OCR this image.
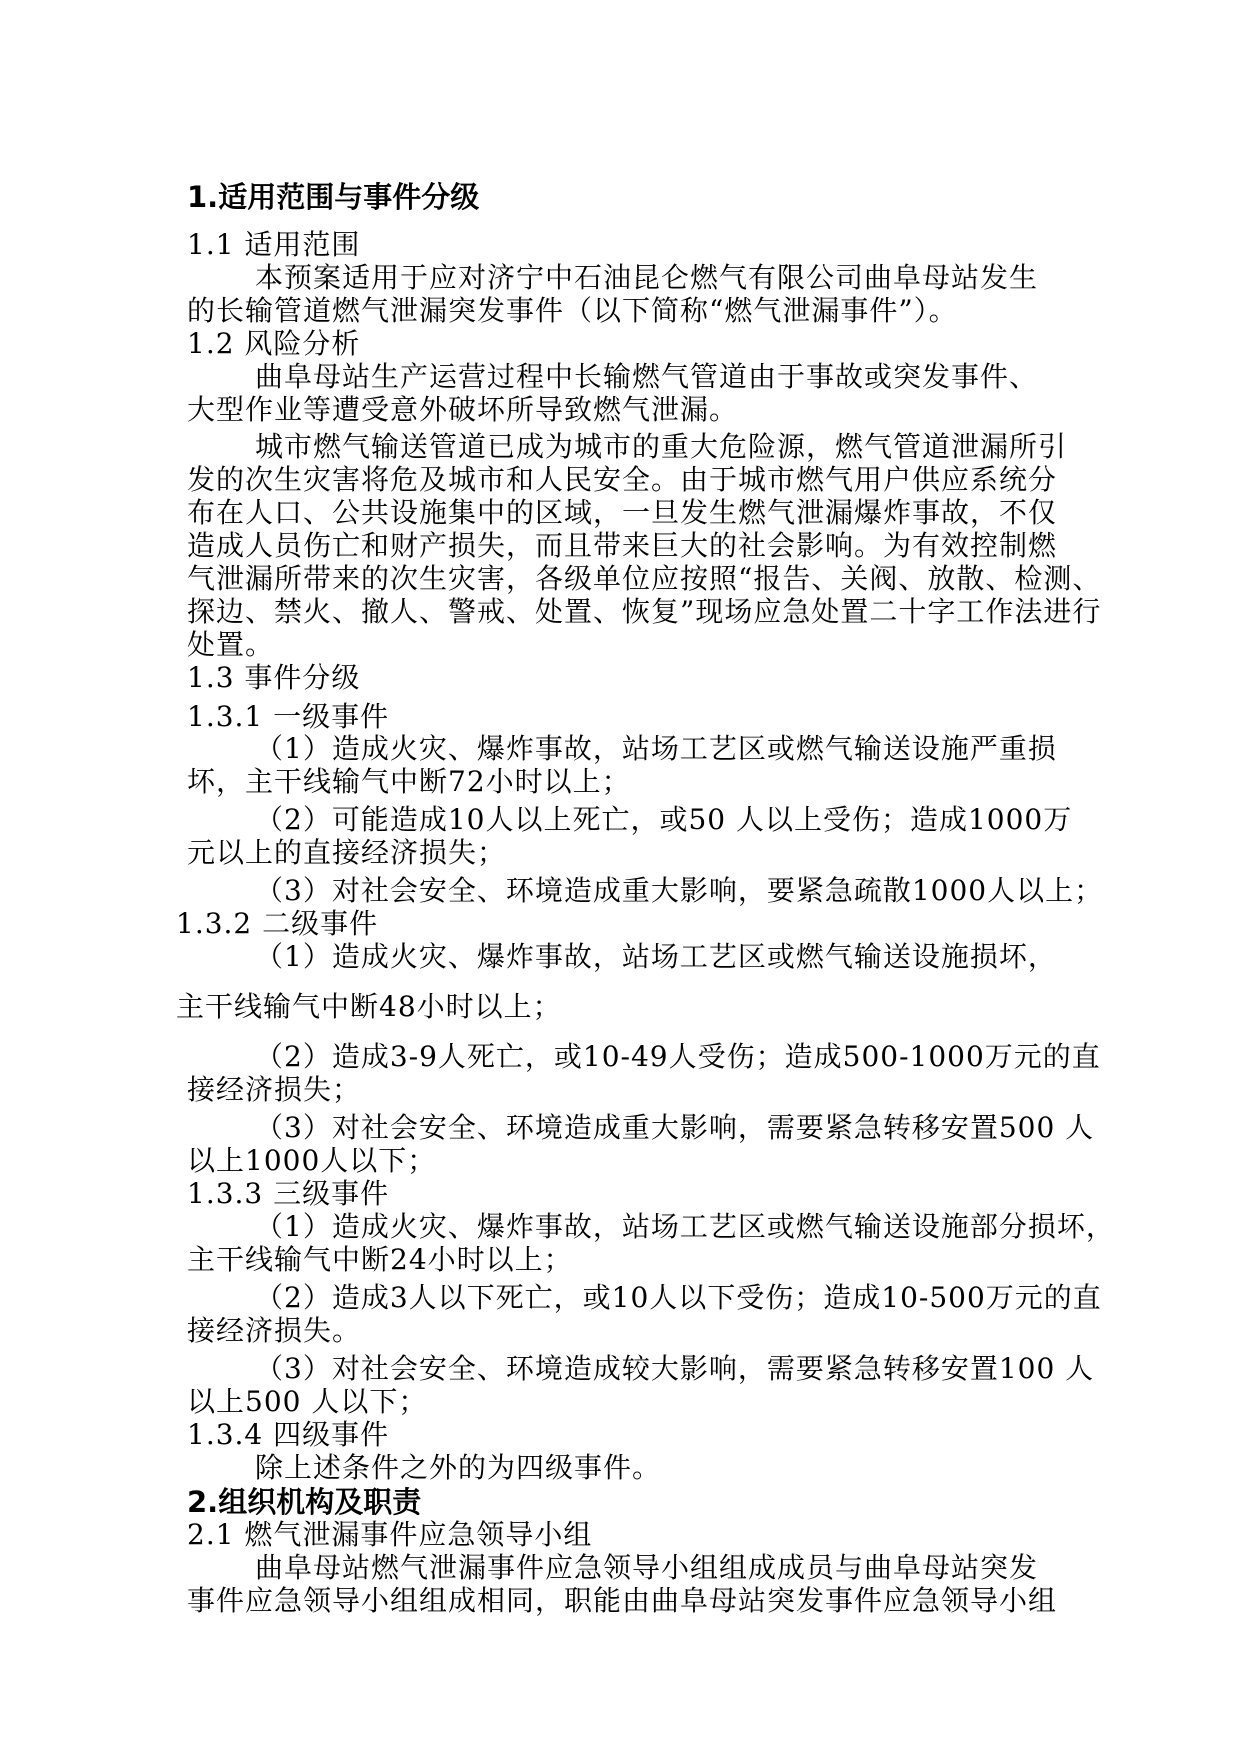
1.适用范围与事件分级
1.1 适用范围
本预案适用于应对济宁中石油昆仑燃气有限公司曲阜母站发生
的长输管道燃气泄漏突发事件（以下简称“燃气泄漏事件”）。
1.2 风险分析
曲阜母站生产运营过程中长输燃气管道由于事故或突发事件、
大型作业等遭受意外破坏所导致燃气泄漏。
城市燃气输送管道已成为城市的重大危险源，燃气管道泄漏所引
发的次生灾害将危及城市和人民安全。由于城市燃气用户供应系统分
布在人口、公共设施集中的区域，一旦发生燃气泄漏爆炸事故，不仅
造成人员伤亡和财产损失，而且带来巨大的社会影响。为有效控制燃
气泄漏所带来的次生灾害，各级单位应按照“报告、关阀、放散、检测、
探边、禁火、撤人、警戒、处置、恢复”现场应急处置二十字工作法进行
处置。
1.3 事件分级
1.3.1 一级事件
（1）造成火灾、爆炸事故，站场工艺区或燃气输送设施严重损
坏，主干线输气中断72小时以上；
（2）可能造成10人以上死亡，或50 人以上受伤；造成1000万
元以上的直接经济损失；
（3）对社会安全、环境造成重大影响，要紧急疏散1000人以上；
1.3.2 二级事件
（1）造成火灾、爆炸事故，站场工艺区或燃气输送设施损坏，
主干线输气中断48小时以上；
（2）造成3-9人死亡，或10-49人受伤；造成500-1000万元的直
接经济损失；
（3）对社会安全、环境造成重大影响，需要紧急转移安置500 人
以上1000人以下；
1.3.3 三级事件
（1）造成火灾、爆炸事故，站场工艺区或燃气输送设施部分损坏，
主干线输气中断24小时以上；
（2）造成3人以下死亡，或10人以下受伤；造成10-500万元的直
接经济损失。
（3）对社会安全、环境造成较大影响，需要紧急转移安置100 人
以上500 人以下；
1.3.4 四级事件
除上述条件之外的为四级事件。
2.组织机构及职责
2.1 燃气泄漏事件应急领导小组
曲阜母站燃气泄漏事件应急领导小组组成成员与曲阜母站突发
事件应急领导小组组成相同，职能由曲阜母站突发事件应急领导小组
